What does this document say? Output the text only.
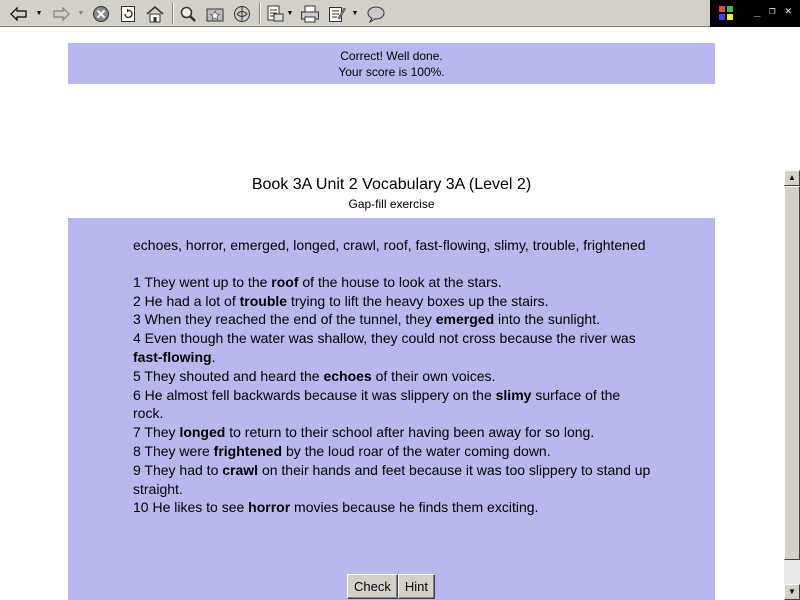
▼	▼	▼	▼	_ ❐ ✕
Correct! Well done.
Your score is 100%.
Book 3A Unit 2 Vocabulary 3A (Level 2)
Gap-fill exercise
echoes, horror, emerged, longed, crawl, roof, fast-flowing, slimy, trouble, frightened
1 They went up to the roof of the house to look at the stars.
2 He had a lot of trouble trying to lift the heavy boxes up the stairs.
3 When they reached the end of the tunnel, they emerged into the sunlight.
4 Even though the water was shallow, they could not cross because the river was fast-flowing.
5 They shouted and heard the echoes of their own voices.
6 He almost fell backwards because it was slippery on the slimy surface of the rock.
7 They longed to return to their school after having been away for so long.
8 They were frightened by the loud roar of the water coming down.
9 They had to crawl on their hands and feet because it was too slippery to stand up straight.
10 He likes to see horror movies because he finds them exciting.
Check	Hint
▲
▼
